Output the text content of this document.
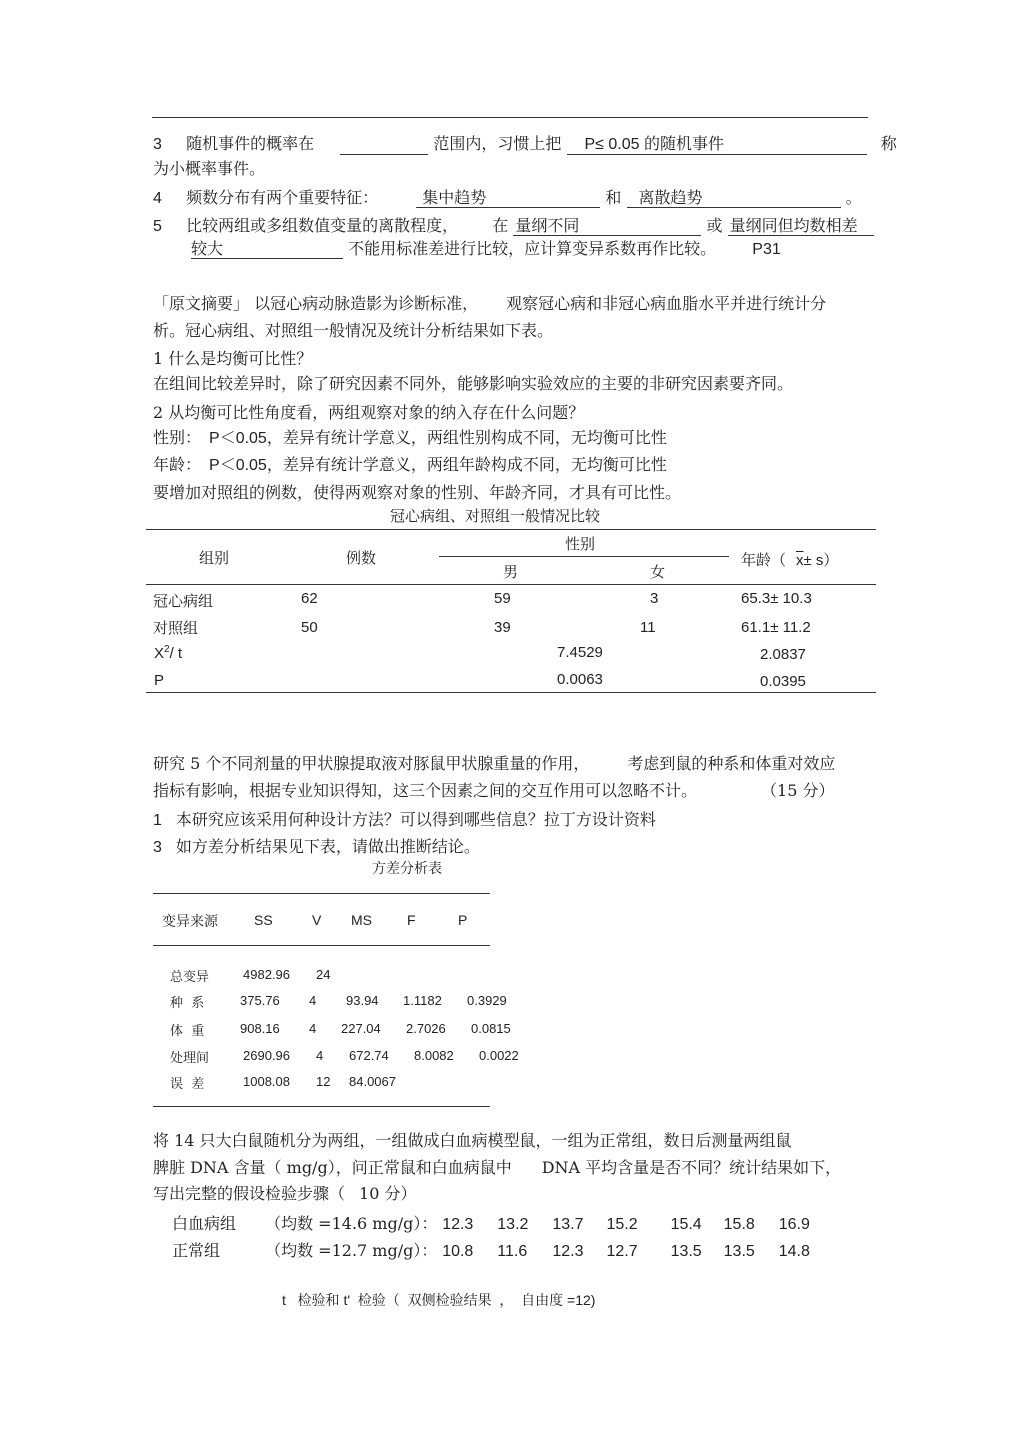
3 随机事件的概率在	范围内，习惯上把 P≤ 0.05 的随机事件	称
为小概率事件。
4 频数分布有两个重要特征：	集中趋势	和 离散趋势	。
5 比较两组或多组数值变量的离散程度， 在 量纲不同	或 量纲同但均数相差
较大	不能用标准差进行比较，应计算变异系数再作比较。 P31
「原文摘要」 以冠心病动脉造影为诊断标准， 观察冠心病和非冠心病血脂水平并进行统计分
析。冠心病组、对照组一般情况及统计分析结果如下表。
1 什么是均衡可比性？
在组间比较差异时，除了研究因素不同外，能够影响实验效应的主要的非研究因素要齐同。
2 从均衡可比性角度看，两组观察对象的纳入存在什么问题？
性别： P＜0.05，差异有统计学意义，两组性别构成不同，无均衡可比性
年龄： P＜0.05，差异有统计学意义，两组年龄构成不同，无均衡可比性
要增加对照组的例数，使得两观察对象的性别、年龄齐同，才具有可比性。
冠心病组、对照组一般情况比较
组别	例数
性别
男	女
年龄（ $\overline{x}\pm s$）
冠心病组	62	59	3	65.3± 10.3
对照组	50	39	11	61.1± 11.2
$X^2/$ t	7.4529	2.0837
P	0.0063	0.0395
研究 5 个不同剂量的甲状腺提取液对豚鼠甲状腺重量的作用， 考虑到鼠的种系和体重对效应
指标有影响，根据专业知识得知，这三个因素之间的交互作用可以忽略不计。	（15 分）
1 本研究应该采用何种设计方法？可以得到哪些信息？拉丁方设计资料
3 如方差分析结果见下表，请做出推断结论。
方差分析表
变异来源	SS	V MS	F	P
总变异	4982.96 24
种  系	375.76 4 93.94 1.1182 0.3929
体  重	908.16 4 227.04 2.7026 0.0815
处理间	2690.96 4 672.74 8.0082 0.0022
误  差	1008.08 12 84.0067
将 14 只大白鼠随机分为两组，一组做成白血病模型鼠，一组为正常组，数日后测量两组鼠
脾脏 DNA 含量（ mg/g），问正常鼠和白血病鼠中 DNA 平均含量是否不同？统计结果如下，
写出完整的假设检验步骤（ 10 分）
白血病组 （均数 =14.6 mg/g）： 12.3 13.2 13.7 15.2 15.4 15.8 16.9
正常组	（均数 =12.7 mg/g）： 10.8 11.6 12.3 12.7 13.5 13.5 14.8
t   检验和 t'  检验（  双侧检验结果  ，  自由度 =12)
